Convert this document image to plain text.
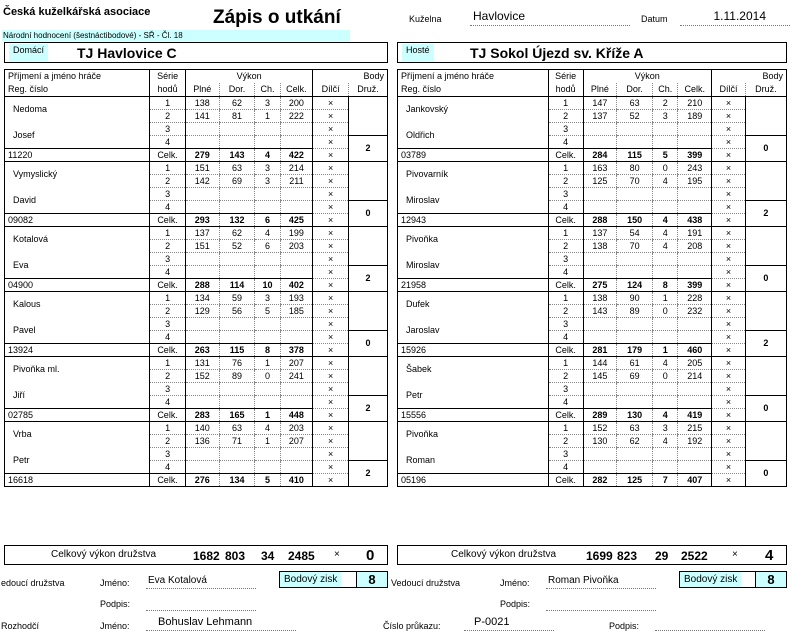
Česká kuželkářská asociace	Zápis o utkání
Národní hodnocení (šestnáctibodové) - SŘ - Čl. 18
Kuželna	Havlovice	Datum	1.11.2014
Domácí TJ Havlovice C	Hosté	TJ Sokol Újezd sv. Kříže A
Příjmení a jméno hráče	Série	Výkon				Body	
Reg. číslo	hodů	Plné	Dor.	Ch.	Celk.	Dílčí	Druž.
Nedoma	1	138	62	3	200	×	
	2	141	81	1	222	×	
Josef	3					×	
	4					×	2
11220	Celk.	279	143	4	422	×	
Vymyslický	1	151	63	3	214	×	
	2	142	69	3	211	×	
David	3					×	
	4					×	0
09082	Celk.	293	132	6	425	×	
Kotalová	1	137	62	4	199	×	
	2	151	52	6	203	×	
Eva	3					×	
	4					×	2
04900	Celk.	288	114	10	402	×	
Kalous	1	134	59	3	193	×	
	2	129	56	5	185	×	
Pavel	3					×	
	4					×	0
13924	Celk.	263	115	8	378	×	
Pivoňka ml.	1	131	76	1	207	×	
	2	152	89	0	241	×	
Jiří	3					×	
	4					×	2
02785	Celk.	283	165	1	448	×	
Vrba	1	140	63	4	203	×	
	2	136	71	1	207	×	
Petr	3					×	
	4					×	2
16618	Celk.	276	134	5	410	×	
Příjmení a jméno hráče	Série	Výkon				Body	
Reg. číslo	hodů	Plné	Dor.	Ch.	Celk.	Dílčí	Druž.
Jankovský	1	147	63	2	210	×	
	2	137	52	3	189	×	
Oldřich	3					×	
	4					×	0
03789	Celk.	284	115	5	399	×	
Pivovarník	1	163	80	0	243	×	
	2	125	70	4	195	×	
Miroslav	3					×	
	4					×	2
12943	Celk.	288	150	4	438	×	
Pivoňka	1	137	54	4	191	×	
	2	138	70	4	208	×	
Miroslav	3					×	
	4					×	0
21958	Celk.	275	124	8	399	×	
Dufek	1	138	90	1	228	×	
	2	143	89	0	232	×	
Jaroslav	3					×	
	4					×	2
15926	Celk.	281	179	1	460	×	
Šabek	1	144	61	4	205	×	
	2	145	69	0	214	×	
Petr	3					×	
	4					×	0
15556	Celk.	289	130	4	419	×	
Pivoňka	1	152	63	3	215	×	
	2	130	62	4	192	×	
Roman	3					×	
	4					×	0
05196	Celk.	282	125	7	407	×	
Celkový výkon družstva	1682 803 34 2485 × 0	Celkový výkon družstva 1699 823 29 2522 × 4
edoucí družstva	Jméno: Eva Kotalová
Podpis:
Bodový zisk	8	Vedoucí družstva	Jméno: Roman Pivoňka
Podpis:
Bodový zisk	8
Rozhodčí	Jméno:	Bohuslav Lehmann	Číslo průkazu:	P-0021	Podpis:
